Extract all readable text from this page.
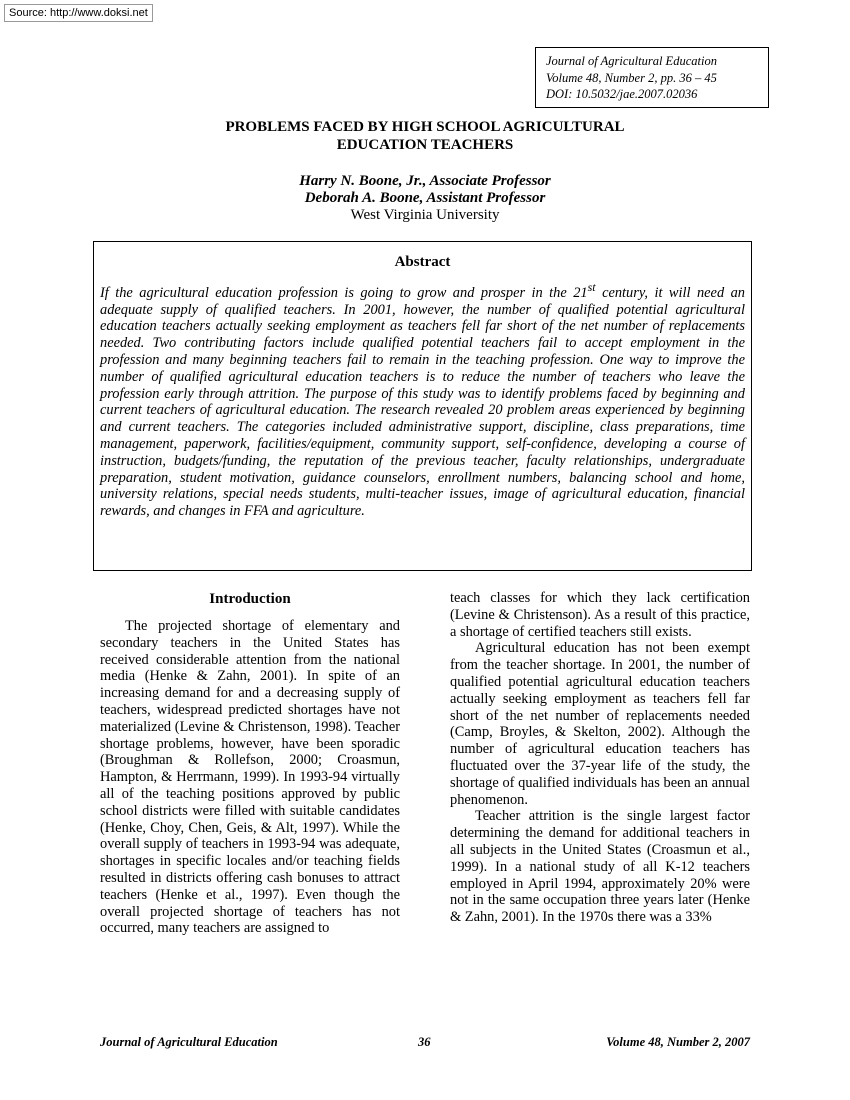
Source: http://www.doksi.net
Journal of Agricultural Education
Volume 48, Number 2, pp. 36 – 45
DOI: 10.5032/jae.2007.02036
PROBLEMS FACED BY HIGH SCHOOL AGRICULTURAL
EDUCATION TEACHERS
Harry N. Boone, Jr., Associate Professor
Deborah A. Boone, Assistant Professor
West Virginia University
Abstract

If the agricultural education profession is going to grow and prosper in the 21st century, it will need an adequate supply of qualified teachers. In 2001, however, the number of qualified potential agricultural education teachers actually seeking employment as teachers fell far short of the net number of replacements needed. Two contributing factors include qualified potential teachers fail to accept employment in the profession and many beginning teachers fail to remain in the teaching profession. One way to improve the number of qualified agricultural education teachers is to reduce the number of teachers who leave the profession early through attrition. The purpose of this study was to identify problems faced by beginning and current teachers of agricultural education. The research revealed 20 problem areas experienced by beginning and current teachers. The categories included administrative support, discipline, class preparations, time management, paperwork, facilities/equipment, community support, self-confidence, developing a course of instruction, budgets/funding, the reputation of the previous teacher, faculty relationships, undergraduate preparation, student motivation, guidance counselors, enrollment numbers, balancing school and home, university relations, special needs students, multi-teacher issues, image of agricultural education, financial rewards, and changes in FFA and agriculture.

Introduction

The projected shortage of elementary and secondary teachers in the United States has received considerable attention from the national media (Henke & Zahn, 2001). In spite of an increasing demand for and a decreasing supply of teachers, widespread predicted shortages have not materialized (Levine & Christenson, 1998). Teacher shortage problems, however, have been sporadic (Broughman & Rollefson, 2000; Croasmun, Hampton, & Herrmann, 1999). In 1993-94 virtually all of the teaching positions approved by public school districts were filled with suitable candidates (Henke, Choy, Chen, Geis, & Alt, 1997). While the overall supply of teachers in 1993-94 was adequate, shortages in specific locales and/or teaching fields resulted in districts offering cash bonuses to attract teachers (Henke et al., 1997). Even though the overall projected shortage of teachers has not occurred, many teachers are assigned to

teach classes for which they lack certification (Levine & Christenson). As a result of this practice, a shortage of certified teachers still exists.

Agricultural education has not been exempt from the teacher shortage. In 2001, the number of qualified potential agricultural education teachers actually seeking employment as teachers fell far short of the net number of replacements needed (Camp, Broyles, & Skelton, 2002). Although the number of agricultural education teachers has fluctuated over the 37-year life of the study, the shortage of qualified individuals has been an annual phenomenon.

Teacher attrition is the single largest factor determining the demand for additional teachers in all subjects in the United States (Croasmun et al., 1999). In a national study of all K-12 teachers employed in April 1994, approximately 20% were not in the same occupation three years later (Henke & Zahn, 2001). In the 1970s there was a 33%

Journal of Agricultural Education	36	Volume 48, Number 2, 2007
